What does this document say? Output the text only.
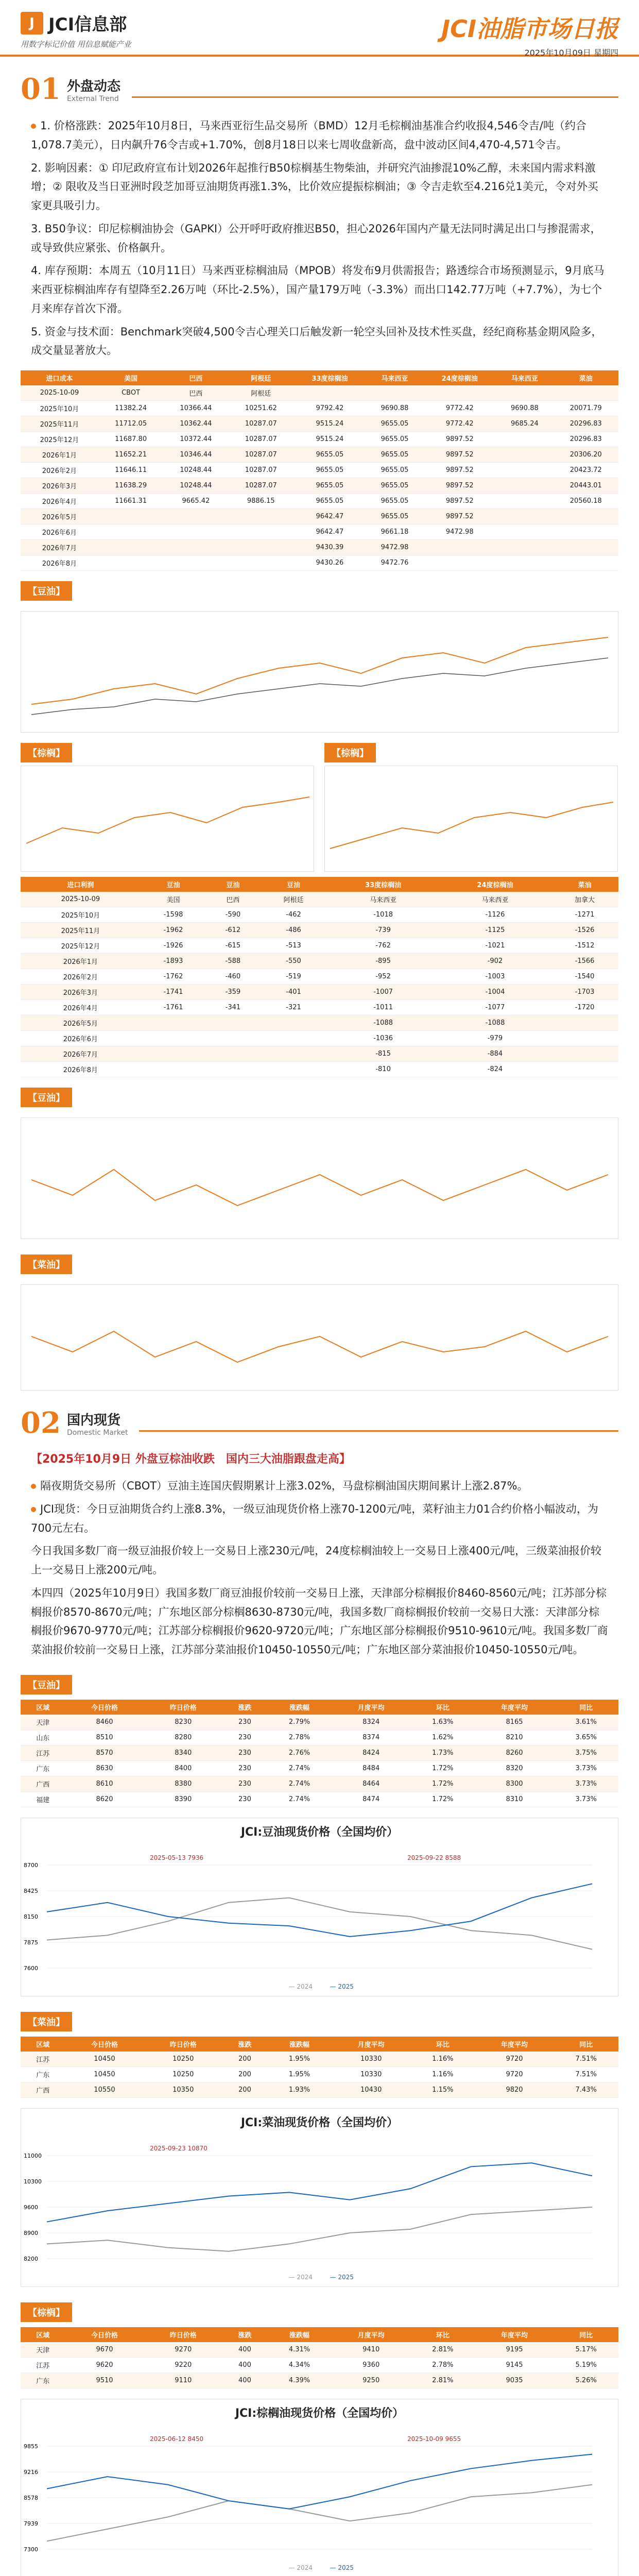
J JCI信息部
用数字标记价值 用信息赋能产业
JCI油脂市场日报
2025年10月09日 星期四
01 外盘动态
External Trend

1. 价格涨跌：2025年10月8日，马来西亚衍生品交易所（BMD）12月毛棕榈油基准合约收报4,546令吉/吨（约合1,078.7美元），日内飙升76令吉或+1.70%，创8月18日以来七周收盘新高，盘中波动区间4,470-4,571令吉。

2. 影响因素：① 印尼政府宣布计划2026年起推行B50棕榈基生物柴油，并研究汽油掺混10%乙醇，未来国内需求料激增；② 限收及当日亚洲时段芝加哥豆油期货再涨1.3%，比价效应提振棕榈油；③ 令吉走软至4.216兑1美元，令对外买家更具吸引力。

3. B50争议：印尼棕榈油协会（GAPKI）公开呼吁政府推迟B50，担心2026年国内产量无法同时满足出口与掺混需求，或导致供应紧张、价格飙升。

4. 库存预期：本周五（10月11日）马来西亚棕榈油局（MPOB）将发布9月供需报告；路透综合市场预测显示，9月底马来西亚棕榈油库存有望降至2.26万吨（环比-2.5%），国产量179万吨（-3.3%）而出口142.77万吨（+7.7%），为七个月来库存首次下滑。

5. 资金与技术面：Benchmark突破4,500令吉心理关口后触发新一轮空头回补及技术性买盘，经纪商称基金期风险多，成交量显著放大。

进口成本	美国	巴西	阿根廷	33度棕榈油	马来西亚	24度棕榈油	马来西亚	菜油
2025-10-09	CBOT	巴西	阿根廷					
2025年10月	11382.24	10366.44	10251.62	9792.42	9690.88	9772.42	9690.88	20071.79
2025年11月	11712.05	10362.44	10287.07	9515.24	9655.05	9772.42	9685.24	20296.83
2025年12月	11687.80	10372.44	10287.07	9515.24	9655.05	9897.52		20296.83
2026年1月	11652.21	10346.44	10287.07	9655.05	9655.05	9897.52		20306.20
2026年2月	11646.11	10248.44	10287.07	9655.05	9655.05	9897.52		20423.72
2026年3月	11638.29	10248.44	10287.07	9655.05	9655.05	9897.52		20443.01
2026年4月	11661.31	9665.42	9886.15	9655.05	9655.05	9897.52		20560.18
2026年5月				9642.47	9655.05	9897.52		
2026年6月				9642.47	9661.18	9472.98		
2026年7月				9430.39	9472.98			
2026年8月				9430.26	9472.76			
【豆油】
【棕榈】	【棕榈】
进口利润	豆油	豆油	豆油	33度棕榈油	24度棕榈油	菜油
2025-10-09	美国	巴西	阿根廷	马来西亚	马来西亚	加拿大
2025年10月	-1598	-590	-462	-1018	-1126	-1271
2025年11月	-1962	-612	-486	-739	-1125	-1526
2025年12月	-1926	-615	-513	-762	-1021	-1512
2026年1月	-1893	-588	-550	-895	-902	-1566
2026年2月	-1762	-460	-519	-952	-1003	-1540
2026年3月	-1741	-359	-401	-1007	-1004	-1703
2026年4月	-1761	-341	-321	-1011	-1077	-1720
2026年5月				-1088	-1088	
2026年6月				-1036	-979	
2026年7月				-815	-884	
2026年8月				-810	-824	
【豆油】
【菜油】
02 国内现货
Domestic Market
【2025年10月9日 外盘豆棕油收跌　国内三大油脂跟盘走高】

隔夜期货交易所（CBOT）豆油主连国庆假期累计上涨3.02%，马盘棕榈油国庆期间累计上涨2.87%。

JCI现货：今日豆油期货合约上涨8.3%，一级豆油现货价格上涨70-1200元/吨，菜籽油主力01合约价格小幅波动，为700元左右。

今日我国多数厂商一级豆油报价较上一交易日上涨230元/吨，24度棕榈油较上一交易日上涨400元/吨，三级菜油报价较上一交易日上涨200元/吨。

本四四（2025年10月9日）我国多数厂商豆油报价较前一交易日上涨，天津部分棕榈报价8460-8560元/吨；江苏部分棕榈报价8570-8670元/吨；广东地区部分棕榈8630-8730元/吨，我国多数厂商棕榈报价较前一交易日大涨：天津部分棕榈报价9670-9770元/吨；江苏部分棕榈报价9620-9720元/吨；广东地区部分棕榈报价9510-9610元/吨。我国多数厂商菜油报价较前一交易日上涨，江苏部分菜油报价10450-10550元/吨；广东地区部分菜油报价10450-10550元/吨。

【豆油】
区域	今日价格	昨日价格	涨跌	涨跌幅	月度平均	环比	年度平均	同比
天津	8460	8230	230	2.79%	8324	1.63%	8165	3.61%
山东	8510	8280	230	2.78%	8374	1.62%	8210	3.65%
江苏	8570	8340	230	2.76%	8424	1.73%	8260	3.75%
广东	8630	8400	230	2.74%	8484	1.72%	8320	3.73%
广西	8610	8380	230	2.74%	8464	1.72%	8300	3.73%
福建	8620	8390	230	2.74%	8474	1.72%	8310	3.73%
JCI:豆油现货价格（全国均价）
8700
8425
8150
7875
7600
— 2024	— 2025
2025-05-13 7936	2025-09-22 8588
【菜油】
区域	今日价格	昨日价格	涨跌	涨跌幅	月度平均	环比	年度平均	同比
江苏	10450	10250	200	1.95%	10330	1.16%	9720	7.51%
广东	10450	10250	200	1.95%	10330	1.16%	9720	7.51%
广西	10550	10350	200	1.93%	10430	1.15%	9820	7.43%
JCI:菜油现货价格（全国均价）
11000
10300
9600
8900
8200
— 2024	— 2025
2025-09-23 10870
【棕榈】
区域	今日价格	昨日价格	涨跌	涨跌幅	月度平均	环比	年度平均	同比
天津	9670	9270	400	4.31%	9410	2.81%	9195	5.17%
江苏	9620	9220	400	4.34%	9360	2.78%	9145	5.19%
广东	9510	9110	400	4.39%	9250	2.81%	9035	5.26%
JCI:棕榈油现货价格（全国均价）
9855
9216
8578
7939
7300
— 2024	— 2025
2025-06-12 8450	2025-10-09 9655
